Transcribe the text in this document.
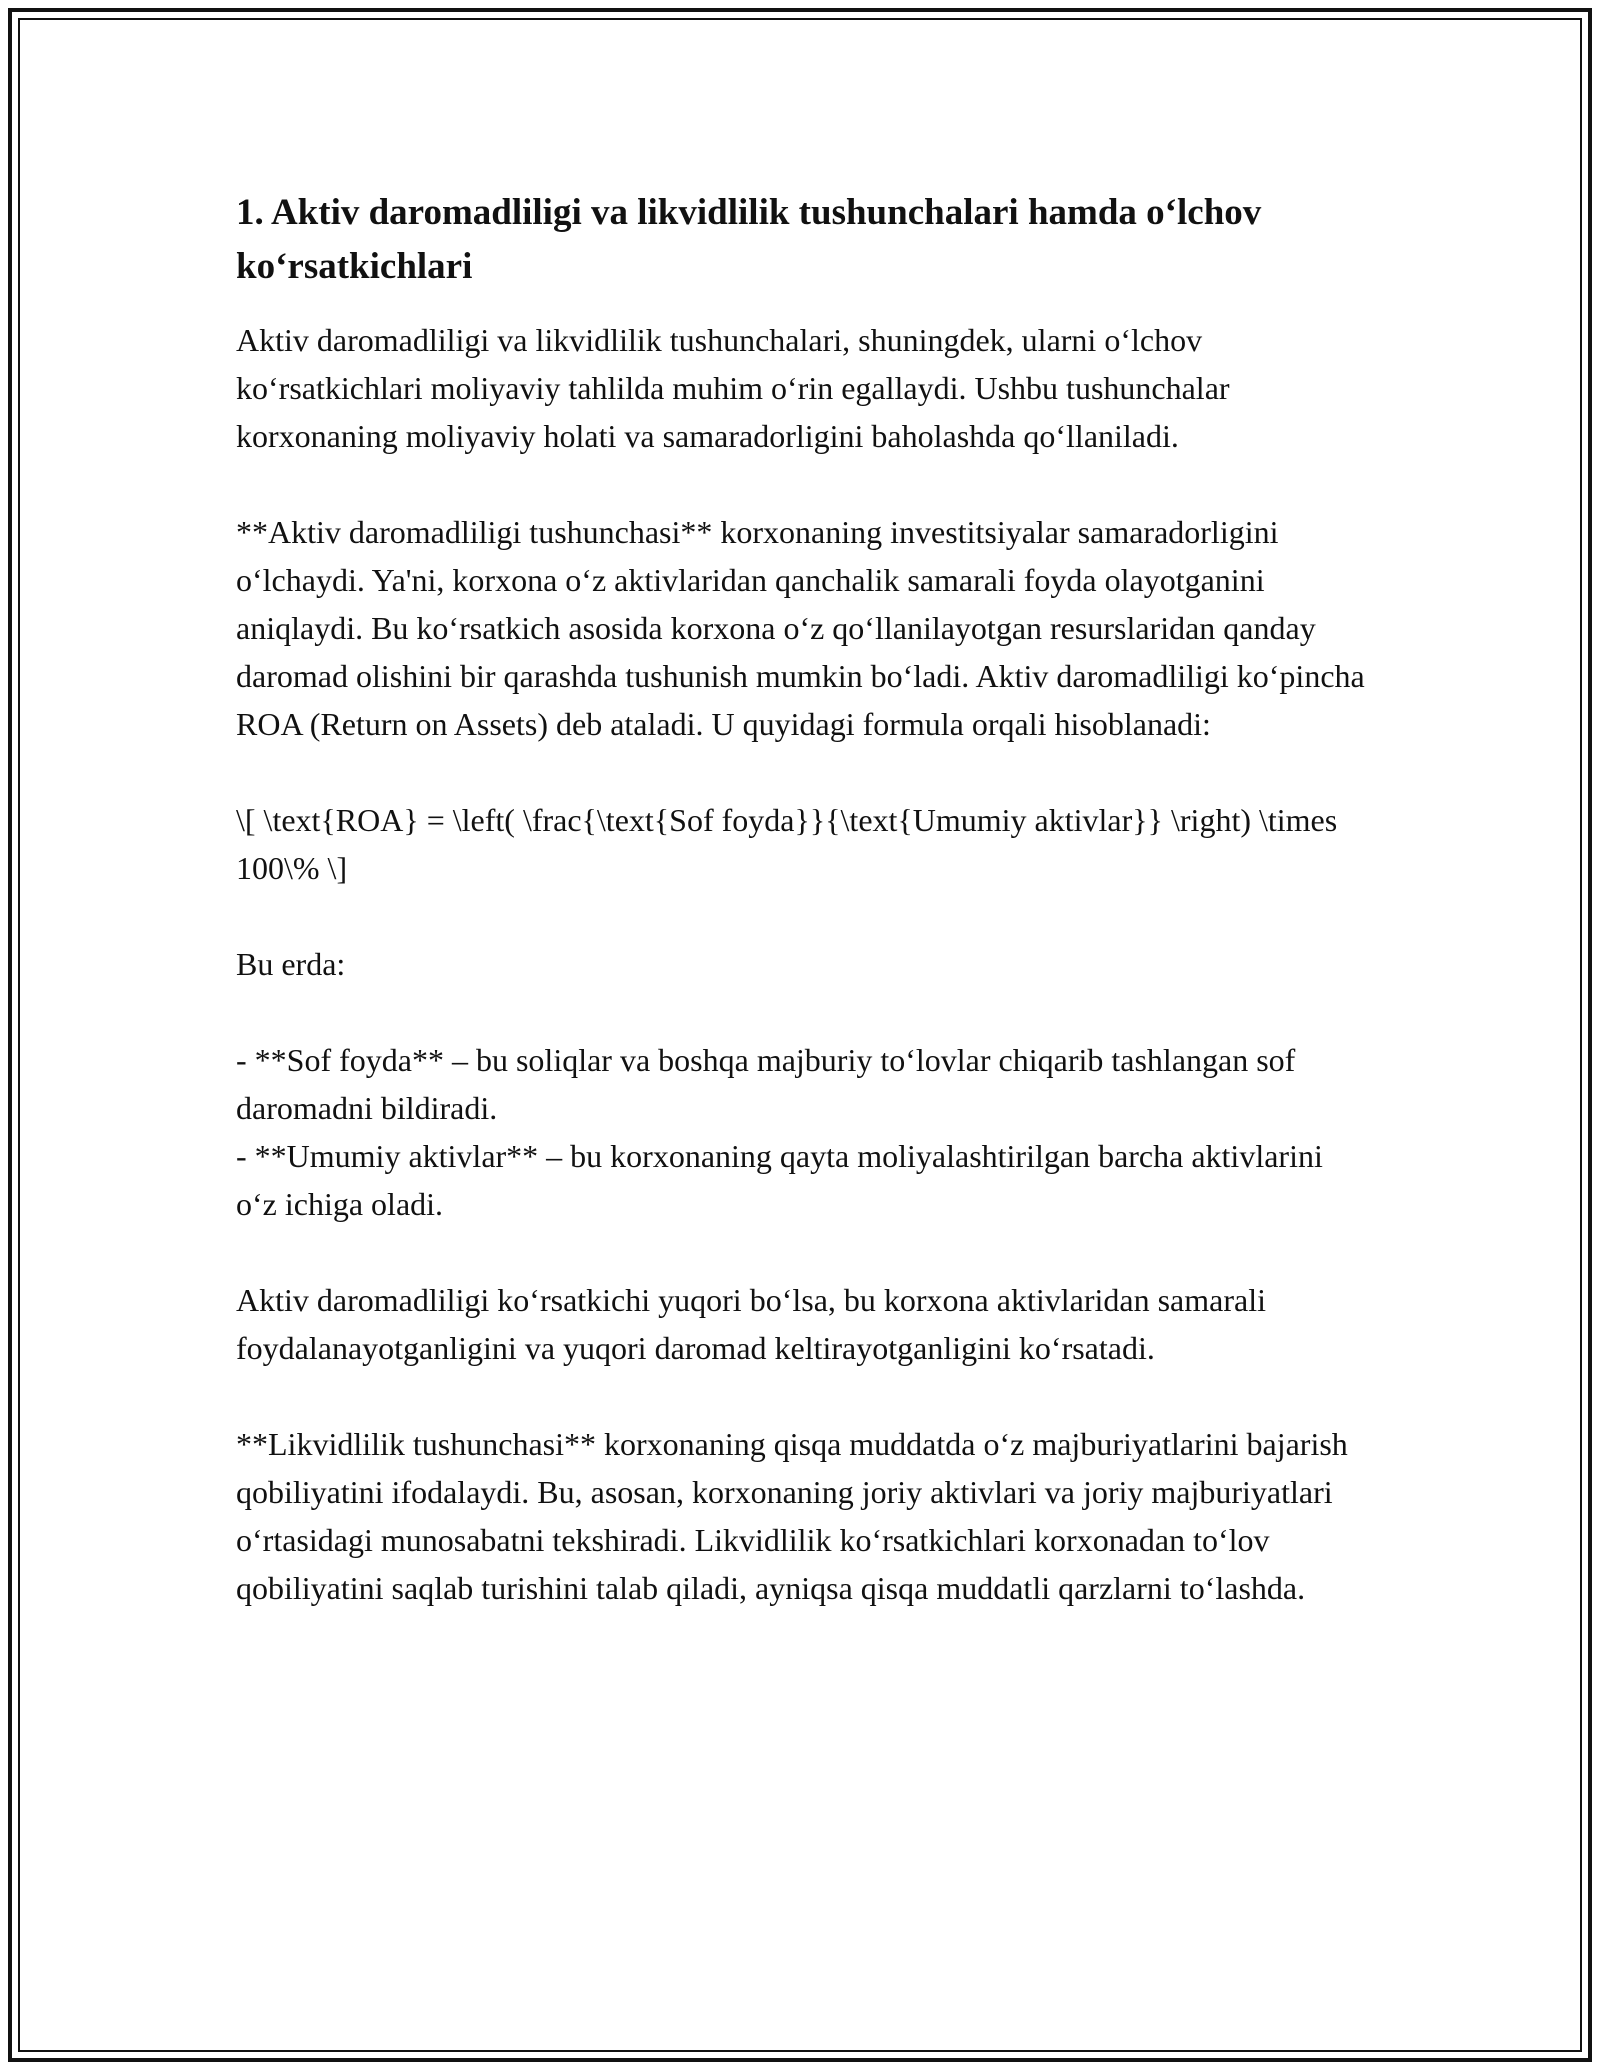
1. Aktiv daromadliligi va likvidlilik tushunchalari hamda o‘lchov ko‘rsatkichlari

Aktiv daromadliligi va likvidlilik tushunchalari, shuningdek, ularni o‘lchov ko‘rsatkichlari moliyaviy tahlilda muhim o‘rin egallaydi. Ushbu tushunchalar korxonaning moliyaviy holati va samaradorligini baholashda qo‘llaniladi.

**Aktiv daromadliligi tushunchasi** korxonaning investitsiyalar samaradorligini o‘lchaydi. Ya'ni, korxona o‘z aktivlaridan qanchalik samarali foyda olayotganini aniqlaydi. Bu ko‘rsatkich asosida korxona o‘z qo‘llanilayotgan resurslaridan qanday daromad olishini bir qarashda tushunish mumkin bo‘ladi. Aktiv daromadliligi ko‘pincha ROA (Return on Assets) deb ataladi. U quyidagi formula orqali hisoblanadi:

\[ \text{ROA} = \left( \frac{\text{Sof foyda}}{\text{Umumiy aktivlar}} \right) \times 100\% \]

Bu erda:

- **Sof foyda** – bu soliqlar va boshqa majburiy to‘lovlar chiqarib tashlangan sof daromadni bildiradi.
- **Umumiy aktivlar** – bu korxonaning qayta moliyalashtirilgan barcha aktivlarini o‘z ichiga oladi.

Aktiv daromadliligi ko‘rsatkichi yuqori bo‘lsa, bu korxona aktivlaridan samarali foydalanayotganligini va yuqori daromad keltirayotganligini ko‘rsatadi.

**Likvidlilik tushunchasi** korxonaning qisqa muddatda o‘z majburiyatlarini bajarish qobiliyatini ifodalaydi. Bu, asosan, korxonaning joriy aktivlari va joriy majburiyatlari o‘rtasidagi munosabatni tekshiradi. Likvidlilik ko‘rsatkichlari korxonadan to‘lov qobiliyatini saqlab turishini talab qiladi, ayniqsa qisqa muddatli qarzlarni to‘lashda.
